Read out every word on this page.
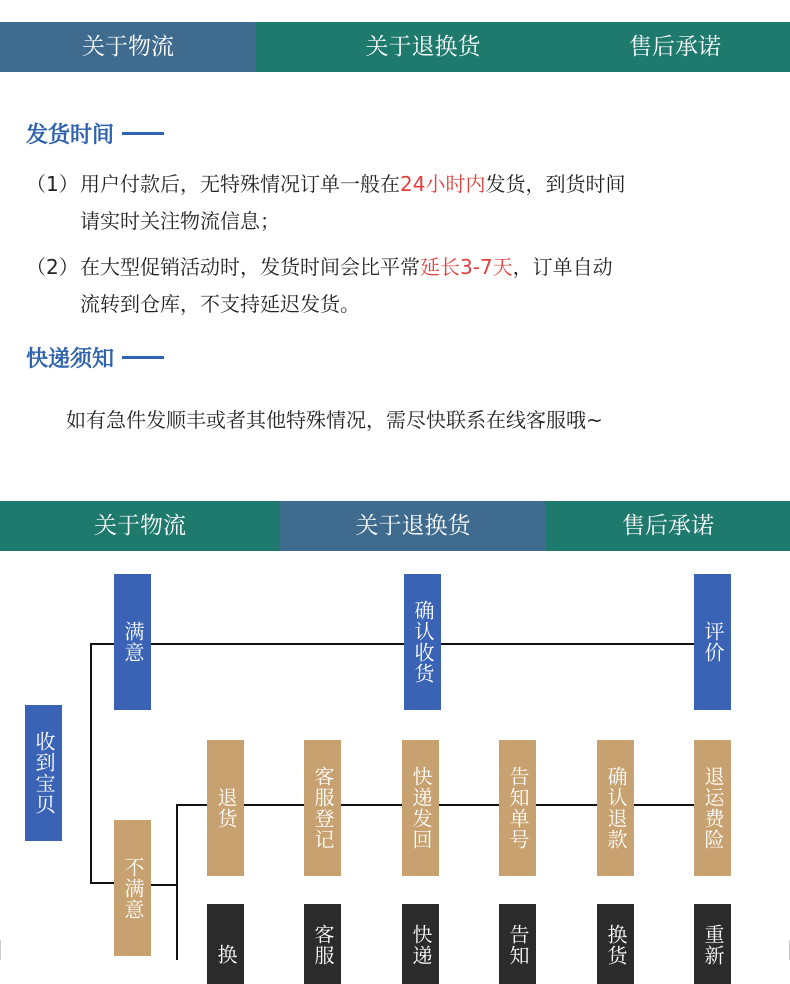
关于物流	关于退换货	售后承诺
发货时间
（1）用户付款后，无特殊情况订单一般在24小时内发货，到货时间
请实时关注物流信息；
（2）在大型促销活动时，发货时间会比平常延长3-7天，订单自动
流转到仓库，不支持延迟发货。
快递须知
如有急件发顺丰或者其他特殊情况，需尽快联系在线客服哦~
关于物流	关于退换货	售后承诺
收到宝贝
满意	确认收货	评价
不满意
退货	客服登记	快递发回	告知单号	确认退款	退运费险
换	客服	快递	告知	换货	重新
